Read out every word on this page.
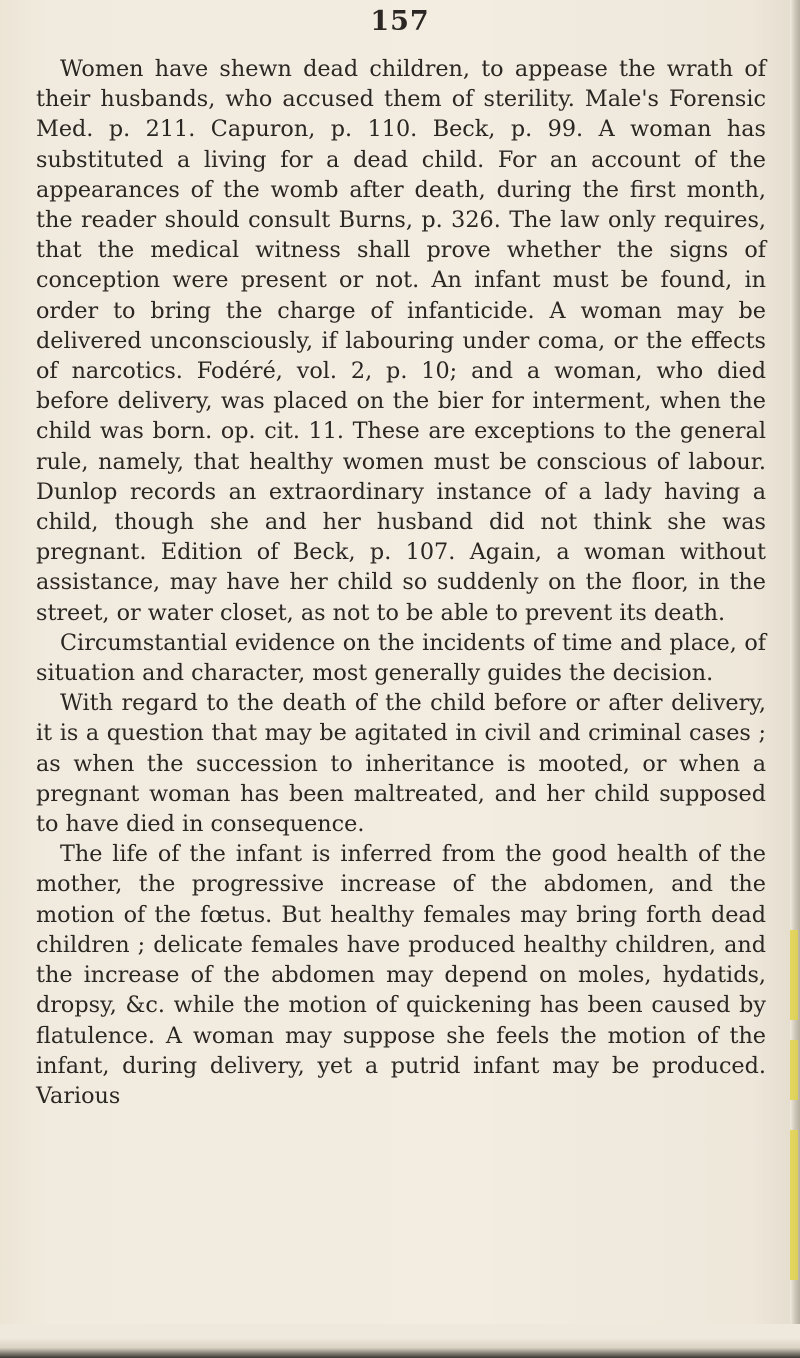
157

Women have shewn dead children, to appease the wrath of their husbands, who accused them of sterility. Male's Forensic Med. p. 211. Capuron, p. 110. Beck, p. 99. A woman has substituted a living for a dead child. For an account of the appearances of the womb after death, during the first month, the reader should consult Burns, p. 326. The law only requires, that the medical witness shall prove whether the signs of conception were present or not. An infant must be found, in order to bring the charge of infanticide. A woman may be delivered unconsciously, if labouring under coma, or the effects of narcotics. Fodéré, vol. 2, p. 10; and a woman, who died before delivery, was placed on the bier for interment, when the child was born. op. cit. 11. These are exceptions to the general rule, namely, that healthy women must be conscious of labour. Dunlop records an extraordinary instance of a lady having a child, though she and her husband did not think she was pregnant. Edition of Beck, p. 107. Again, a woman without assistance, may have her child so suddenly on the floor, in the street, or water closet, as not to be able to prevent its death.

Circumstantial evidence on the incidents of time and place, of situation and character, most generally guides the decision.

With regard to the death of the child before or after delivery, it is a question that may be agitated in civil and criminal cases ; as when the succession to inheritance is mooted, or when a pregnant woman has been maltreated, and her child supposed to have died in consequence.

The life of the infant is inferred from the good health of the mother, the progressive increase of the abdomen, and the motion of the fœtus. But healthy females may bring forth dead children ; delicate females have produced healthy children, and the increase of the abdomen may depend on moles, hydatids, dropsy, &c. while the motion of quickening has been caused by flatulence. A woman may suppose she feels the motion of the infant, during delivery, yet a putrid infant may be produced. Various
